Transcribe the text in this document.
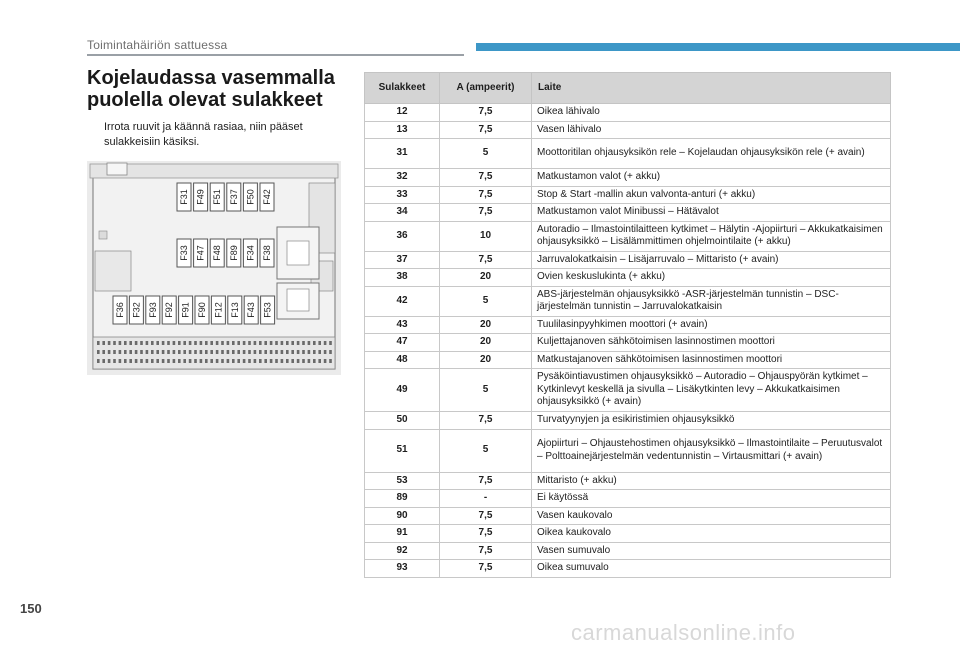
Toimintahäiriön sattuessa
Kojelaudassa vasemmalla puolella olevat sulakkeet
Irrota ruuvit ja käännä rasiaa, niin pääset sulakkeisiin käsiksi.
F31 F49 F51 F37 F50 F42
F33 F47 F48 F89 F34 F38
F36 F32 F93 F92 F91 F90 F12 F13 F43 F53
Sulakkeet	A (ampeerit)	Laite
12	7,5	Oikea lähivalo
13	7,5	Vasen lähivalo
31	5	Moottoritilan ohjausyksikön rele – Kojelaudan ohjausyksikön rele (+ avain)
32	7,5	Matkustamon valot (+ akku)
33	7,5	Stop & Start -mallin akun valvonta-anturi (+ akku)
34	7,5	Matkustamon valot Minibussi – Hätävalot
36	10	Autoradio – Ilmastointilaitteen kytkimet – Hälytin -Ajopiirturi – Akkukatkaisimen ohjausyksikkö – Lisälämmittimen ohjelmointilaite (+ akku)
37	7,5	Jarruvalokatkaisin – Lisäjarruvalo – Mittaristo (+ avain)
38	20	Ovien keskuslukinta (+ akku)
42	5	ABS-järjestelmän ohjausyksikkö -ASR-järjestelmän tunnistin – DSC-järjestelmän tunnistin – Jarruvalokatkaisin
43	20	Tuulilasinpyyhkimen moottori (+ avain)
47	20	Kuljettajanoven sähkötoimisen lasinnostimen moottori
48	20	Matkustajanoven sähkötoimisen lasinnostimen moottori
49	5	Pysäköintiavustimen ohjausyksikkö – Autoradio – Ohjauspyörän kytkimet – Kytkinlevyt keskellä ja sivulla – Lisäkytkinten levy – Akkukatkaisimen ohjausyksikkö (+ avain)
50	7,5	Turvatyynyjen ja esikiristimien ohjausyksikkö
51	5	Ajopiirturi – Ohjaustehostimen ohjausyksikkö – Ilmastointilaite – Peruutusvalot – Polttoainejärjestelmän vedentunnistin – Virtausmittari (+ avain)
53	7,5	Mittaristo (+ akku)
89	-	Ei käytössä
90	7,5	Vasen kaukovalo
91	7,5	Oikea kaukovalo
92	7,5	Vasen sumuvalo
93	7,5	Oikea sumuvalo
150
carmanualsonline.info
